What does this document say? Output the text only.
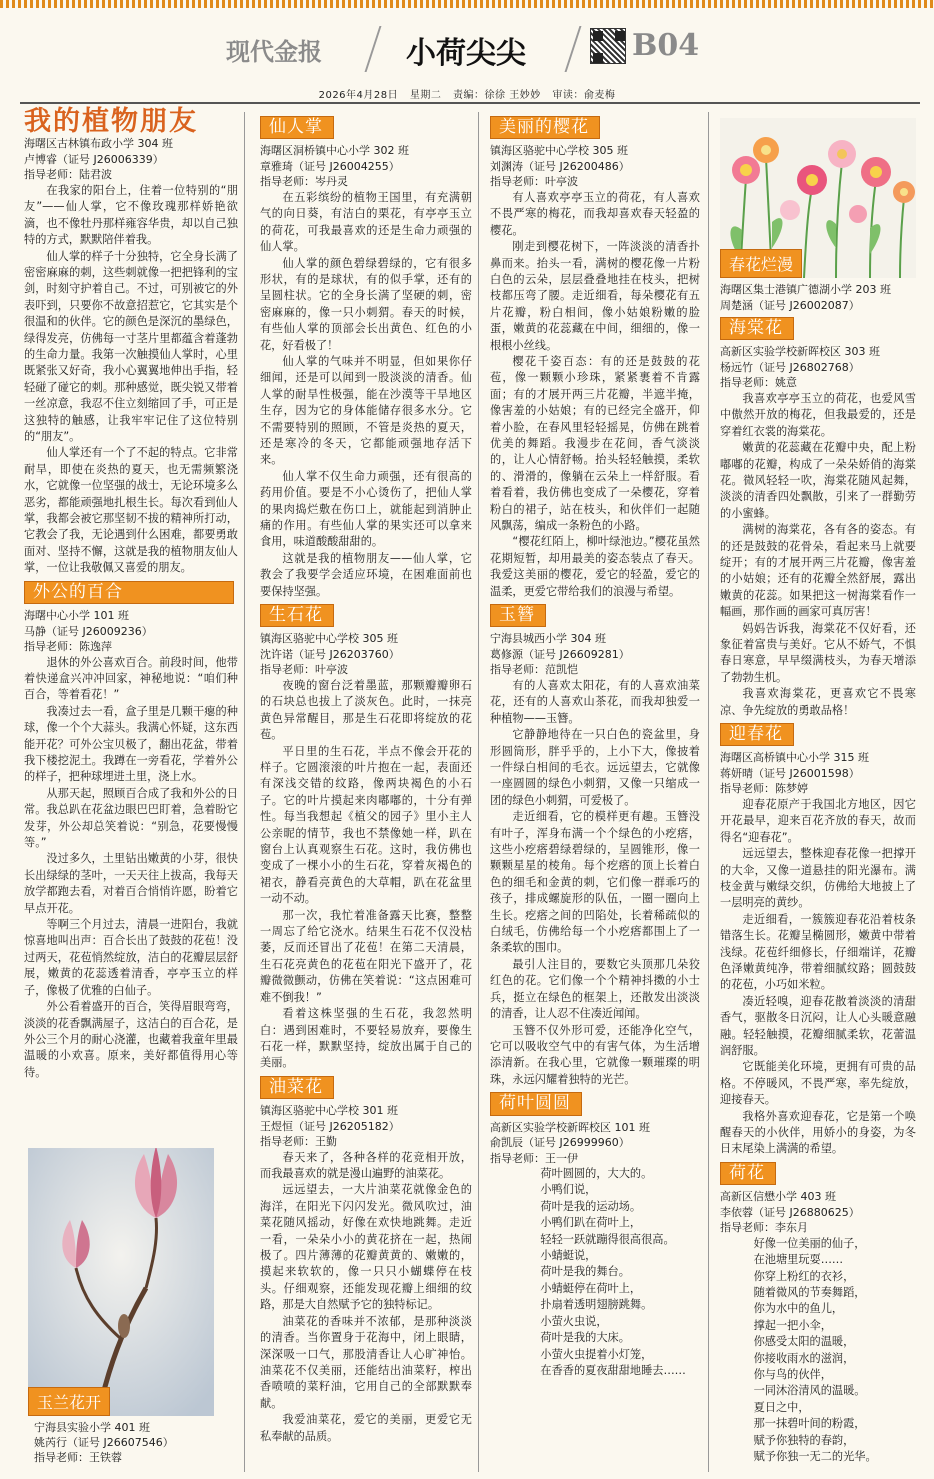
现代金报	小荷尖尖	B04
2026年4月28日 星期二 责编：徐徐 王妙妙 审读：俞麦梅
我的植物朋友
海曙区古林镇布政小学 304 班
卢博睿（证号 J26006339）
指导老师：陆君波

在我家的阳台上，住着一位特别的“朋友”——仙人掌，它不像玫瑰那样娇艳欲滴，也不像牡丹那样雍容华贵，却以自己独特的方式，默默陪伴着我。

仙人掌的样子十分独特，它全身长满了密密麻麻的刺，这些刺就像一把把锋利的宝剑，时刻守护着自己。不过，可别被它的外表吓到，只要你不故意招惹它，它其实是个很温和的伙伴。它的颜色是深沉的墨绿色，绿得发亮，仿佛每一寸茎片里都蕴含着蓬勃的生命力量。我第一次触摸仙人掌时，心里既紧张又好奇，我小心翼翼地伸出手指，轻轻碰了碰它的刺。那种感觉，既尖锐又带着一丝凉意，我忍不住立刻缩回了手，可正是这独特的触感，让我牢牢记住了这位特别的“朋友”。

仙人掌还有一个了不起的特点。它非常耐旱，即使在炎热的夏天，也无需频繁浇水，它就像一位坚强的战士，无论环境多么恶劣，都能顽强地扎根生长。每次看到仙人掌，我都会被它那坚韧不拔的精神所打动，它教会了我，无论遇到什么困难，都要勇敢面对、坚持不懈，这就是我的植物朋友仙人掌，一位让我敬佩又喜爱的朋友。

外公的百合
海曙中心小学 101 班
马静（证号 J26009236）
指导老师：陈逸萍

退休的外公喜欢百合。前段时间，他带着快递盒兴冲冲回家，神秘地说：“咱们种百合，等着看花！”

我凑过去一看，盒子里是几颗干瘪的种球，像一个个大蒜头。我满心怀疑，这东西能开花？可外公宝贝极了，翻出花盆，带着我下楼挖泥土。我蹲在一旁看花，学着外公的样子，把种球埋进土里，浇上水。

从那天起，照顾百合成了我和外公的日常。我总趴在花盆边眼巴巴盯着，急着盼它发芽，外公却总笑着说：“别急，花要慢慢等。”

没过多久，土里钻出嫩黄的小芽，很快长出绿绿的茎叶，一天天往上拔高，我每天放学都跑去看，对着百合悄悄许愿，盼着它早点开花。

等啊三个月过去，清晨一进阳台，我就惊喜地叫出声：百合长出了鼓鼓的花苞！没过两天，花苞悄然绽放，洁白的花瓣层层舒展，嫩黄的花蕊透着清香，亭亭玉立的样子，像极了优雅的白仙子。

外公看着盛开的百合，笑得眉眼弯弯，淡淡的花香飘满屋子，这洁白的百合花，是外公三个月的耐心浇灌，也藏着我童年里最温暖的小欢喜。原来，美好都值得用心等待。

玉兰花开
宁海县实验小学 401 班
姚芮行（证号 J26607546）
指导老师：王铁蓉
仙人掌
海曙区洞桥镇中心小学 302 班
章雅琦（证号 J26004255）
指导老师：岑丹灵

在五彩缤纷的植物王国里，有充满朝气的向日葵，有洁白的栗花，有亭亭玉立的荷花，可我最喜欢的还是生命力顽强的仙人掌。

仙人掌的颜色碧绿碧绿的，它有很多形状，有的是球状，有的似手掌，还有的呈圆柱状。它的全身长满了坚硬的刺，密密麻麻的，像一只小刺猬。春天的时候，有些仙人掌的顶部会长出黄色、红色的小花，好看极了！

仙人掌的气味并不明显，但如果你仔细闻，还是可以闻到一股淡淡的清香。仙人掌的耐旱性极强，能在沙漠等干旱地区生存，因为它的身体能储存很多水分。它不需要特别的照顾，不管是炎热的夏天，还是寒冷的冬天，它都能顽强地存活下来。

仙人掌不仅生命力顽强，还有很高的药用价值。要是不小心烫伤了，把仙人掌的果肉捣烂敷在伤口上，就能起到消肿止痛的作用。有些仙人掌的果实还可以拿来食用，味道酸酸甜甜的。

这就是我的植物朋友——仙人掌，它教会了我要学会适应环境，在困难面前也要保持坚强。

生石花
镇海区骆驼中心学校 305 班
沈许诺（证号 J26203760）
指导老师：叶亭波

夜晚的窗台泛着墨蓝，那颗瓣瓣卵石的石块总也拔上了淡灰色。此时，一抹亮黄色异常醒目，那是生石花即将绽放的花苞。

平日里的生石花，半点不像会开花的样子。它圆滚滚的叶片抱在一起，表面还有深浅交错的纹路，像两块褐色的小石子。它的叶片摸起来肉嘟嘟的，十分有弹性。每当我想起《植父的园子》里小主人公亲昵的情节，我也不禁像她一样，趴在窗台上认真观察生石花。这时，我仿佛也变成了一棵小小的生石花，穿着灰褐色的裙衣，静看亮黄色的大草帽，趴在花盆里一动不动。

那一次，我忙着准备露天比赛，整整一周忘了给它浇水。结果生石花不仅没枯萎，反而还冒出了花苞！在第二天清晨，生石花亮黄色的花苞在阳光下盛开了，花瓣微微颤动，仿佛在笑着说：“这点困难可难不倒我！”

看着这株坚强的生石花，我忽然明白：遇到困难时，不要轻易放弃，要像生石花一样，默默坚持，绽放出属于自己的美丽。

油菜花
镇海区骆驼中心学校 301 班
王煜恒（证号 J26205182）
指导老师：王勤

春天来了，各种各样的花竞相开放，而我最喜欢的就是漫山遍野的油菜花。

远远望去，一大片油菜花就像金色的海洋，在阳光下闪闪发光。微风吹过，油菜花随风摇动，好像在欢快地跳舞。走近一看，一朵朵小小的黄花挤在一起，热闹极了。四片薄薄的花瓣黄黄的、嫩嫩的，摸起来软软的，像一只只小蝴蝶停在枝头。仔细观察，还能发现花瓣上细细的纹路，那是大自然赋予它的独特标记。

油菜花的香味并不浓郁，是那种淡淡的清香。当你置身于花海中，闭上眼睛，深深吸一口气，那股清香让人心旷神怡。油菜花不仅美丽，还能结出油菜籽，榨出香喷喷的菜籽油，它用自己的全部默默奉献。

我爱油菜花，爱它的美丽，更爱它无私奉献的品质。

美丽的樱花
镇海区骆驼中心学校 305 班
刘渊涛（证号 J26200486）
指导老师：叶亭波

有人喜欢亭亭玉立的荷花，有人喜欢不畏严寒的梅花，而我却喜欢春天轻盈的樱花。

刚走到樱花树下，一阵淡淡的清香扑鼻而来。抬头一看，满树的樱花像一片粉白色的云朵，层层叠叠地挂在枝头，把树枝都压弯了腰。走近细看，每朵樱花有五片花瓣，粉白相间，像小姑娘粉嫩的脸蛋，嫩黄的花蕊藏在中间，细细的，像一根根小丝线。

樱花千姿百态：有的还是鼓鼓的花苞，像一颗颗小珍珠，紧紧裹着不肯露面；有的才展开两三片花瓣，半遮半掩，像害羞的小姑娘；有的已经完全盛开，仰着小脸，在春风里轻轻摇晃，仿佛在跳着优美的舞蹈。我漫步在花间，香气淡淡的，让人心情舒畅。抬头轻轻触摸，柔软的、滑滑的，像躺在云朵上一样舒服。看着看着，我仿佛也变成了一朵樱花，穿着粉白的裙子，站在枝头，和伙伴们一起随风飘荡，编成一条粉色的小路。

“樱花红陌上，柳叶绿池边。”樱花虽然花期短暂，却用最美的姿态装点了春天。我爱这美丽的樱花，爱它的轻盈，爱它的温柔，更爱它带给我们的浪漫与希望。

玉簪
宁海县城西小学 304 班
葛修源（证号 J26609281）
指导老师：范凯恺

有的人喜欢太阳花，有的人喜欢油菜花，还有的人喜欢山茶花，而我却独爱一种植物——玉簪。

它静静地待在一只白色的瓷盆里，身形圆筒形，胖乎乎的，上小下大，像披着一件绿白相间的毛衣。远远望去，它就像一座圆圆的绿色小刺猬，又像一只缩成一团的绿色小刺猬，可爱极了。

走近细看，它的模样更有趣。玉簪没有叶子，浑身布满一个个绿色的小疙瘩，这些小疙瘩碧绿碧绿的，呈圆锥形，像一颗颗星星的棱角。每个疙瘩的顶上长着白色的细毛和金黄的刺，它们像一群乖巧的孩子，排成螺旋形的队伍，一圈一圈向上生长。疙瘩之间的凹陷处，长着稀疏似的白绒毛，仿佛给每一个小疙瘩都围上了一条柔软的围巾。

最引人注目的，要数它头顶那几朵狡红色的花。它们像一个个精神抖擞的小士兵，挺立在绿色的框架上，还散发出淡淡的清香，让人忍不住凑近闻闻。

玉簪不仅外形可爱，还能净化空气，它可以吸收空气中的有害气体，为生活增添清新。在我心里，它就像一颗璀璨的明珠，永远闪耀着独特的光芒。

荷叶圆圆
高新区实验学校新晖校区 101 班
俞凯辰（证号 J26999960）
指导老师：王一伊
荷叶圆圆的，大大的。
小鸭们说，
荷叶是我的运动场。
小鸭们趴在荷叶上，
轻轻一跃就蹦得很高很高。
小蜻蜓说，
荷叶是我的舞台。
小蜻蜓停在荷叶上，
扑扇着透明翅膀跳舞。
小萤火虫说，
荷叶是我的大床。
小萤火虫提着小灯笼，
在香香的夏夜甜甜地睡去……
春花烂漫
海曙区集士港镇广德湖小学 203 班
周楚涵（证号 J26002087）
海棠花
高新区实验学校新晖校区 303 班
杨远竹（证号 J26802768）
指导老师：姚意

我喜欢亭亭玉立的荷花，也爱风雪中傲然开放的梅花，但我最爱的，还是穿着红衣裳的海棠花。

嫩黄的花蕊藏在花瓣中央，配上粉嘟嘟的花瓣，构成了一朵朵娇俏的海棠花。微风轻轻一吹，海棠花随风起舞，淡淡的清香四处飘散，引来了一群勤劳的小蜜蜂。

满树的海棠花，各有各的姿态。有的还是鼓鼓的花骨朵，看起来马上就要绽开；有的才展开两三片花瓣，像害羞的小姑娘；还有的花瓣全然舒展，露出嫩黄的花蕊。如果把这一树海棠看作一幅画，那作画的画家可真厉害！

妈妈告诉我，海棠花不仅好看，还象征着富贵与美好。它从不娇气，不惧春日寒意，早早缀满枝头，为春天增添了勃勃生机。

我喜欢海棠花，更喜欢它不畏寒凉、争先绽放的勇敢品格！

迎春花
海曙区高桥镇中心小学 315 班
蒋妍晴（证号 J26001598）
指导老师：陈梦婷

迎春花原产于我国北方地区，因它开花最早，迎来百花齐放的春天，故而得名“迎春花”。

远远望去，整株迎春花像一把撑开的大伞，又像一道悬挂的阳光瀑布。满枝金黄与嫩绿交织，仿佛给大地披上了一层明亮的黄纱。

走近细看，一簇簇迎春花沿着枝条错落生长。花瓣呈椭圆形，嫩黄中带着浅绿。花苞纤细修长，仔细端详，花瓣色泽嫩黄纯净，带着细腻纹路；圆鼓鼓的花苞，小巧如米粒。

凑近轻嗅，迎春花散着淡淡的清甜香气，驱散冬日沉闷，让人心头暖意融融。轻轻触摸，花瓣细腻柔软，花蕾温润舒服。

它既能美化环境，更拥有可贵的品格。不停暖风，不畏严寒，率先绽放，迎接春天。

我格外喜欢迎春花，它是第一个唤醒春天的小伙伴，用娇小的身姿，为冬日末尾染上满满的希望。

荷花
高新区信懋小学 403 班
李依蓉（证号 J26880625）
指导老师：李东月
好像一位美丽的仙子，
在池塘里玩耍……
你穿上粉红的衣衫，
随着微风的节奏舞蹈，
你为水中的鱼儿，
撑起一把小伞，
你感受太阳的温暖，
你接收雨水的滋润，
你与鸟的伙伴，
一同沐浴清风的温暖。
夏日之中，
那一抹碧叶间的粉霞，
赋予你独特的春韵，
赋予你独一无二的光华。
